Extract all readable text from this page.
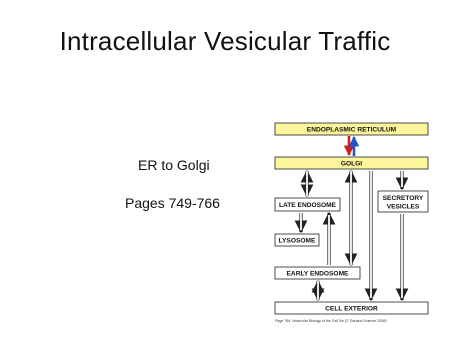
Intracellular Vesicular Traffic
ER to Golgi
Pages 749-766
ENDOPLASMIC RETICULUM
GOLGI
LATE ENDOSOME
SECRETORY
VESICLES
LYSOSOME
EARLY ENDOSOME
CELL EXTERIOR
Page 764. Molecular Biology of the Cell 5/e (© Garland Science 2008)
